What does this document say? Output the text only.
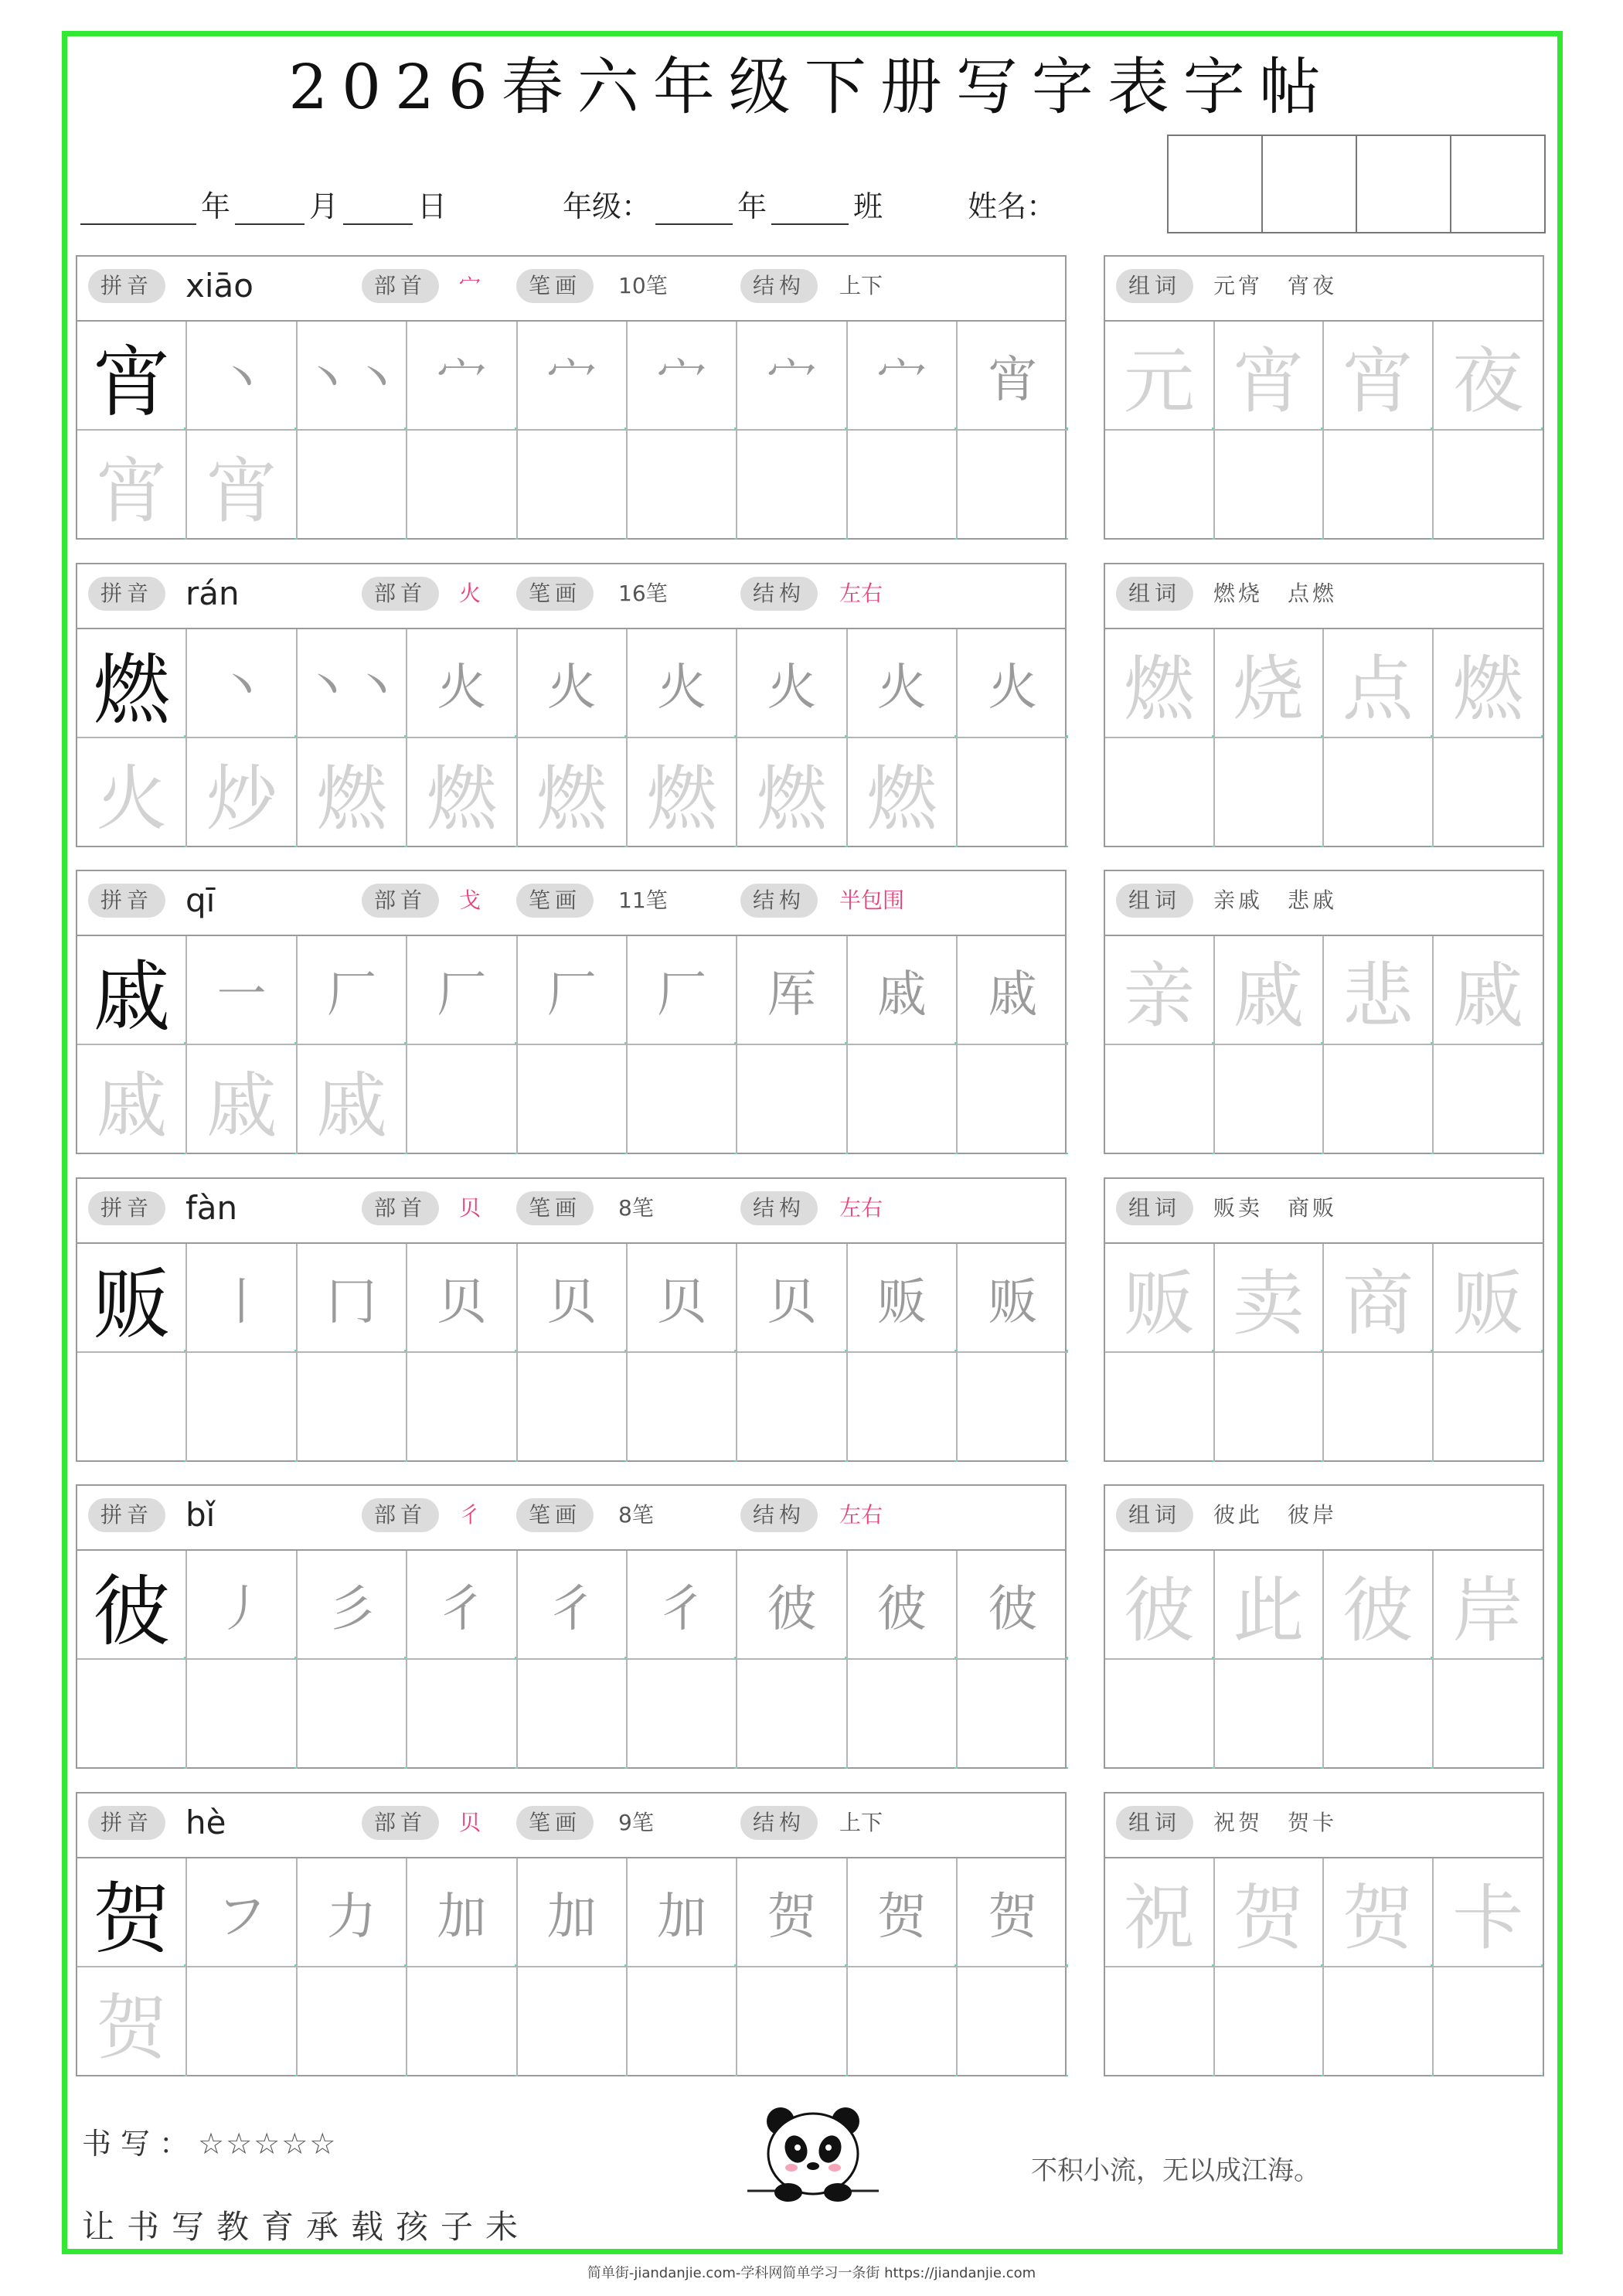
2026春六年级下册写字表字帖
年	月	日	年级：	年	班	姓名：
拼音 xiāo	部首	宀	笔画	10笔	结构	上下
宵 丶 丶丶 宀	宀	宀	宀	宀	宵
宵 宵
组词	元宵　宵夜
元 宵 宵 夜
拼音 rán	部首	火	笔画	16笔	结构	左右
燃 丶 丶丶 火	火	火	火	火	火
火 炒 燃 燃 燃 燃 燃 燃
组词	燃烧　点燃
燃 烧 点 燃
拼音 qī	部首	戈	笔画	11笔	结构	半包围
戚 一	厂	厂	厂	厂	厍	戚	戚
戚 戚 戚
组词	亲戚　悲戚
亲 戚 悲 戚
拼音 fàn	部首	贝	笔画	8笔	结构	左右
贩 丨	冂	贝	贝	贝	贝	贩	贩
组词	贩卖　商贩
贩 卖 商 贩
拼音 bǐ	部首	彳	笔画	8笔	结构	左右
彼 丿	彡	彳	彳	彳	彼	彼	彼
组词	彼此　彼岸
彼 此 彼 岸
拼音 hè	部首	贝	笔画	9笔	结构	上下
贺 フ	力	加	加	加	贺	贺	贺
贺
组词	祝贺　贺卡
祝 贺 贺 卡
书写：☆☆☆☆☆
让书写教育承载孩子未
不积小流，无以成江海。
简单街-jiandanjie.com-学科网简单学习一条街 https://jiandanjie.com
